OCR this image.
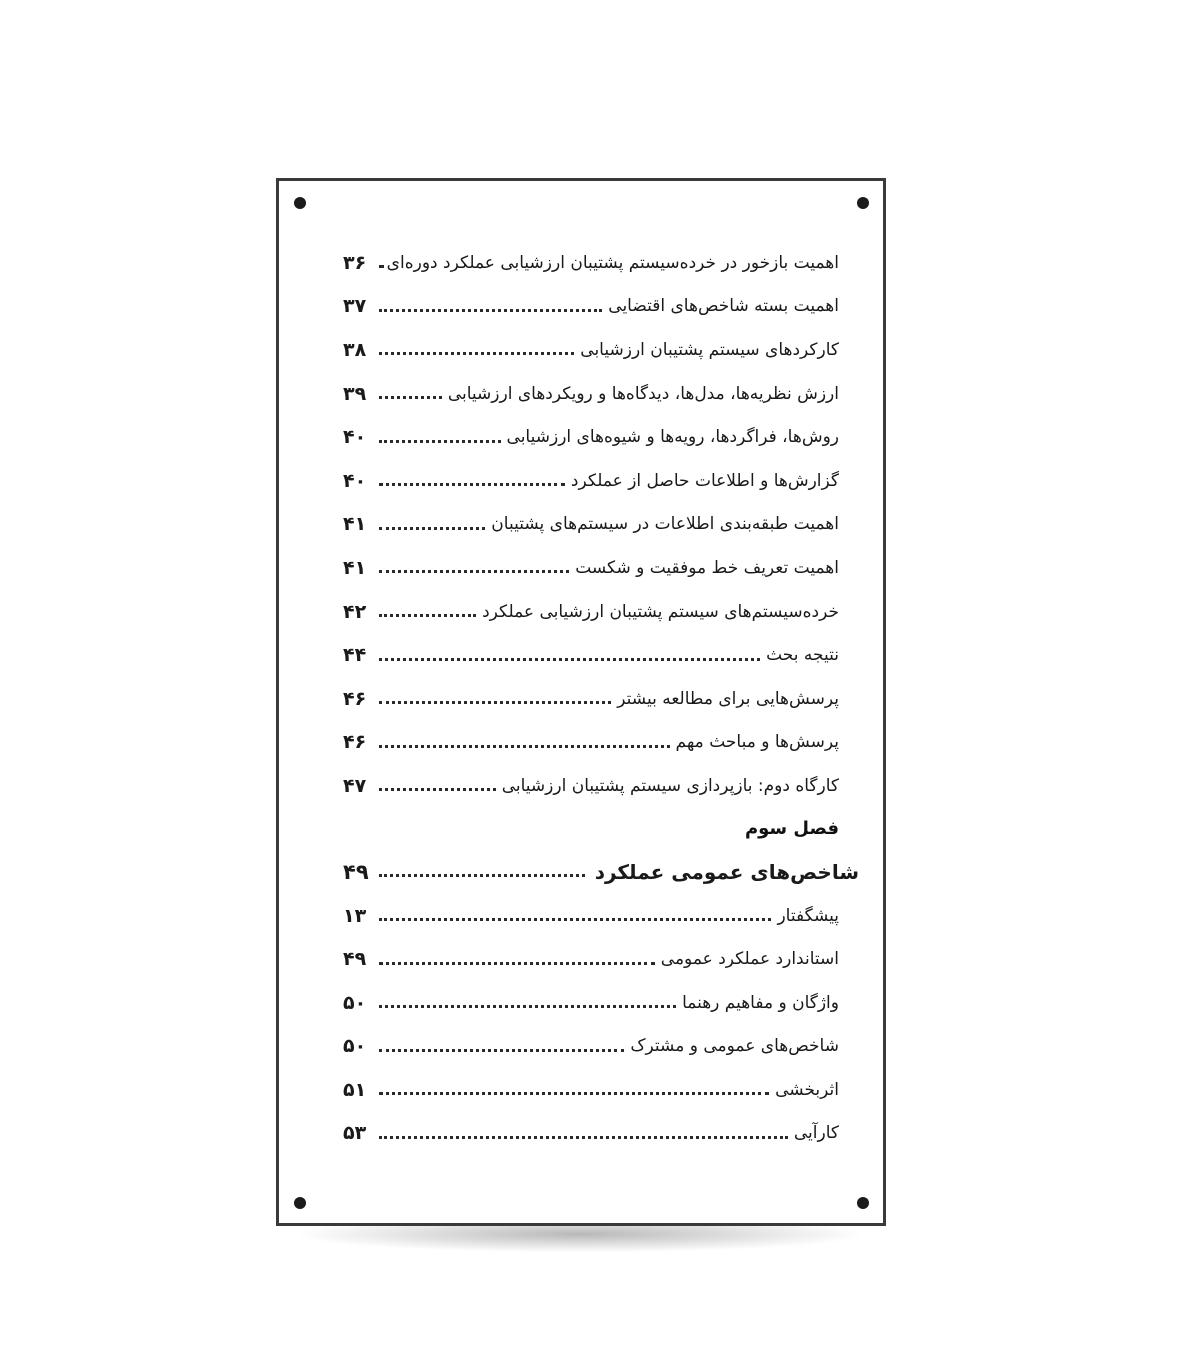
اهمیت بازخور در خرده‌سیستم پشتیبان ارزشیابی عملکرد دوره‌ای
۳۶
اهمیت بسته شاخص‌های اقتضایی
۳۷
کارکردهای سیستم پشتیبان ارزشیابی
۳۸
ارزش نظریه‌ها، مدل‌ها، دیدگاه‌ها و رویکردهای ارزشیابی
۳۹
روش‌ها، فراگردها، رویه‌ها و شیوه‌های ارزشیابی
۴۰
گزارش‌ها و اطلاعات حاصل از عملکرد
۴۰
اهمیت طبقه‌بندی اطلاعات در سیستم‌های پشتیبان
۴۱
اهمیت تعریف خط موفقیت و شکست
۴۱
خرده‌سیستم‌های سیستم پشتیبان ارزشیابی عملکرد
۴۲
نتیجه بحث
۴۴
پرسش‌هایی برای مطالعه بیشتر
۴۶
پرسش‌ها و مباحث مهم
۴۶
کارگاه دوم: بازپردازی سیستم پشتیبان ارزشیابی
۴۷
فصل سوم
شاخص‌های عمومی عملکرد
۴۹
پیشگفتار
۱۳
استاندارد عملکرد عمومی
۴۹
واژگان و مفاهیم رهنما
۵۰
شاخص‌های عمومی و مشترک
۵۰
اثربخشی
۵۱
کارآیی
۵۳
